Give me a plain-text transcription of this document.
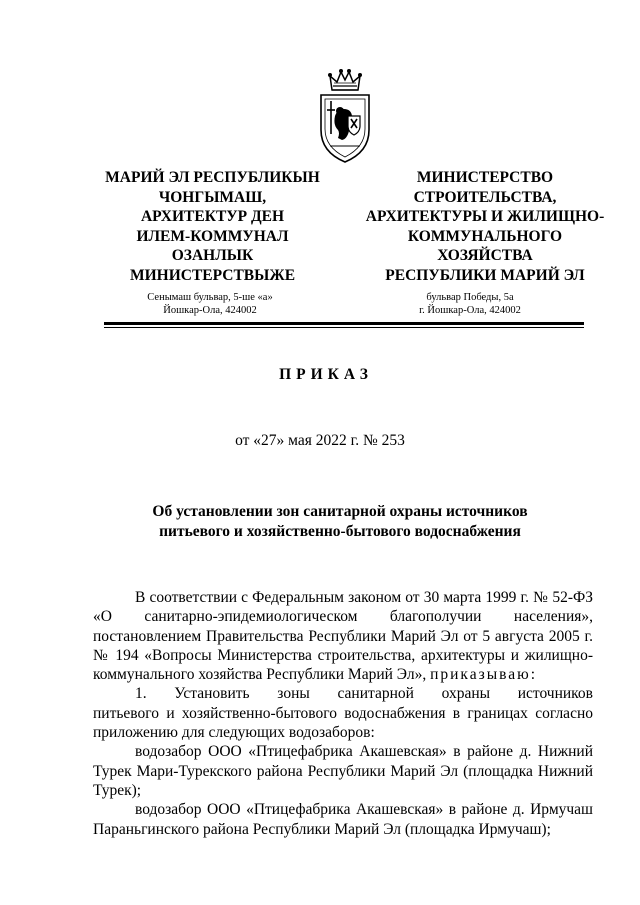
МАРИЙ ЭЛ РЕСПУБЛИКЫН
ЧОНГЫМАШ,
АРХИТЕКТУР ДЕН
ИЛЕМ-КОММУНАЛ
ОЗАНЛЫК
МИНИСТЕРСТВЫЖЕ
МИНИСТЕРСТВО
СТРОИТЕЛЬСТВА,
АРХИТЕКТУРЫ И ЖИЛИЩНО-
КОММУНАЛЬНОГО
ХОЗЯЙСТВА
РЕСПУБЛИКИ МАРИЙ ЭЛ
Сенымаш бульвар, 5-ше «а»
Йошкар-Ола, 424002
бульвар Победы, 5а
г. Йошкар-Ола, 424002
ПРИКАЗ
от «27» мая 2022 г. № 253
Об установлении зон санитарной охраны источников
питьевого и хозяйственно-бытового водоснабжения

В соответствии с Федеральным законом от 30 марта 1999 г. № 52-ФЗ

«О санитарно-эпидемиологическом благополучии населения»,

постановлением Правительства Республики Марий Эл от 5 августа 2005 г.

№ 194 «Вопросы Министерства строительства, архитектуры и жилищно-

коммунального хозяйства Республики Марий Эл», приказываю:

1. Установить зоны санитарной охраны источников

питьевого и хозяйственно-бытового водоснабжения в границах согласно

приложению для следующих водозаборов:

водозабор ООО «Птицефабрика Акашевская» в районе д. Нижний

Турек Мари-Турекского района Республики Марий Эл (площадка Нижний

Турек);

водозабор ООО «Птицефабрика Акашевская» в районе д. Ирмучаш

Параньгинского района Республики Марий Эл (площадка Ирмучаш);
